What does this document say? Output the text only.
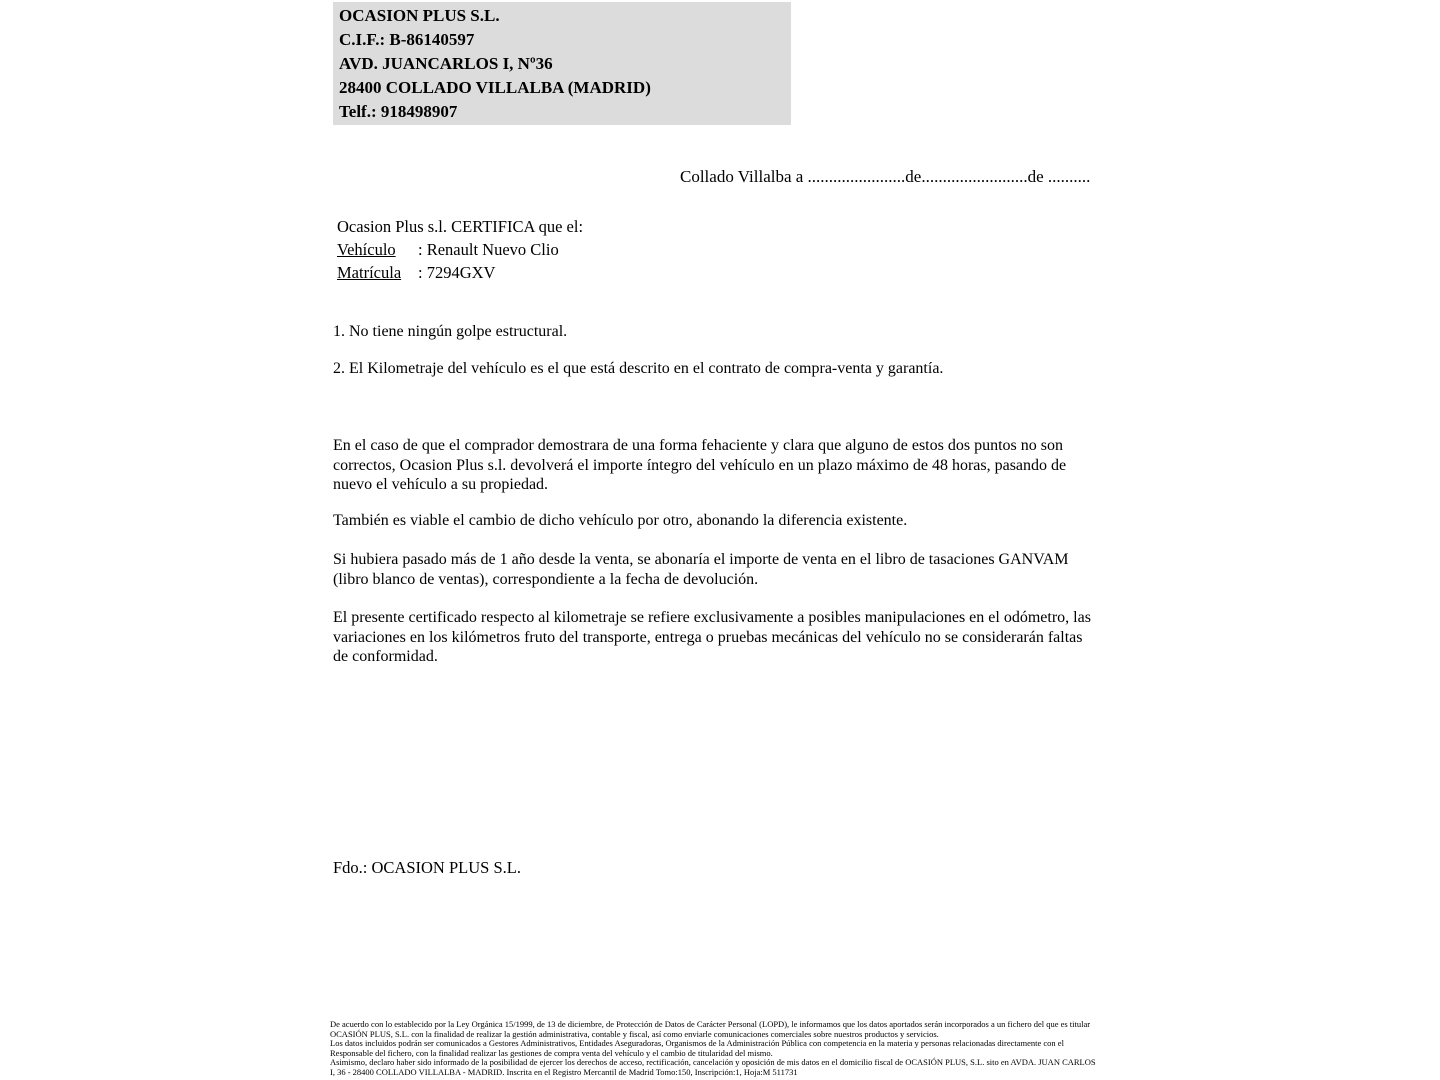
OCASION PLUS S.L.
C.I.F.: B-86140597
AVD. JUANCARLOS I, Nº36
28400 COLLADO VILLALBA (MADRID)
Telf.: 918498907
Collado Villalba a .......................de.........................de ..........
Ocasion Plus s.l. CERTIFICA que el:
Vehículo : Renault Nuevo Clio
Matrícula : 7294GXV

1. No tiene ningún golpe estructural.

2. El Kilometraje del vehículo es el que está descrito en el contrato de compra-venta y garantía.

En el caso de que el comprador demostrara de una forma fehaciente y clara que alguno de estos dos puntos no son correctos, Ocasion Plus s.l. devolverá el importe íntegro del vehículo en un plazo máximo de 48 horas, pasando de nuevo el vehículo a su propiedad.

También es viable el cambio de dicho vehículo por otro, abonando la diferencia existente.

Si hubiera pasado más de 1 año desde la venta, se abonaría el importe de venta en el libro de tasaciones GANVAM (libro blanco de ventas), correspondiente a la fecha de devolución.

El presente certificado respecto al kilometraje se refiere exclusivamente a posibles manipulaciones en el odómetro, las variaciones en los kilómetros fruto del transporte, entrega o pruebas mecánicas del vehículo no se considerarán faltas de conformidad.

Fdo.: OCASION PLUS S.L.

De acuerdo con lo establecido por la Ley Orgánica 15/1999, de 13 de diciembre, de Protección de Datos de Carácter Personal (LOPD), le informamos que los datos aportados serán incorporados a un fichero del que es titular OCASIÓN PLUS, S.L. con la finalidad de realizar la gestión administrativa, contable y fiscal, así como enviarle comunicaciones comerciales sobre nuestros productos y servicios.

Los datos incluidos podrán ser comunicados a Gestores Administrativos, Entidades Aseguradoras, Organismos de la Administración Pública con competencia en la materia y personas relacionadas directamente con el Responsable del fichero, con la finalidad realizar las gestiones de compra venta del vehículo y el cambio de titularidad del mismo.

Asimismo, declaro haber sido informado de la posibilidad de ejercer los derechos de acceso, rectificación, cancelación y oposición de mis datos en el domicilio fiscal de OCASIÓN PLUS, S.L. sito en AVDA. JUAN CARLOS I, 36 - 28400 COLLADO VILLALBA - MADRID. Inscrita en el Registro Mercantil de Madrid Tomo:150, Inscripción:1, Hoja:M 511731
